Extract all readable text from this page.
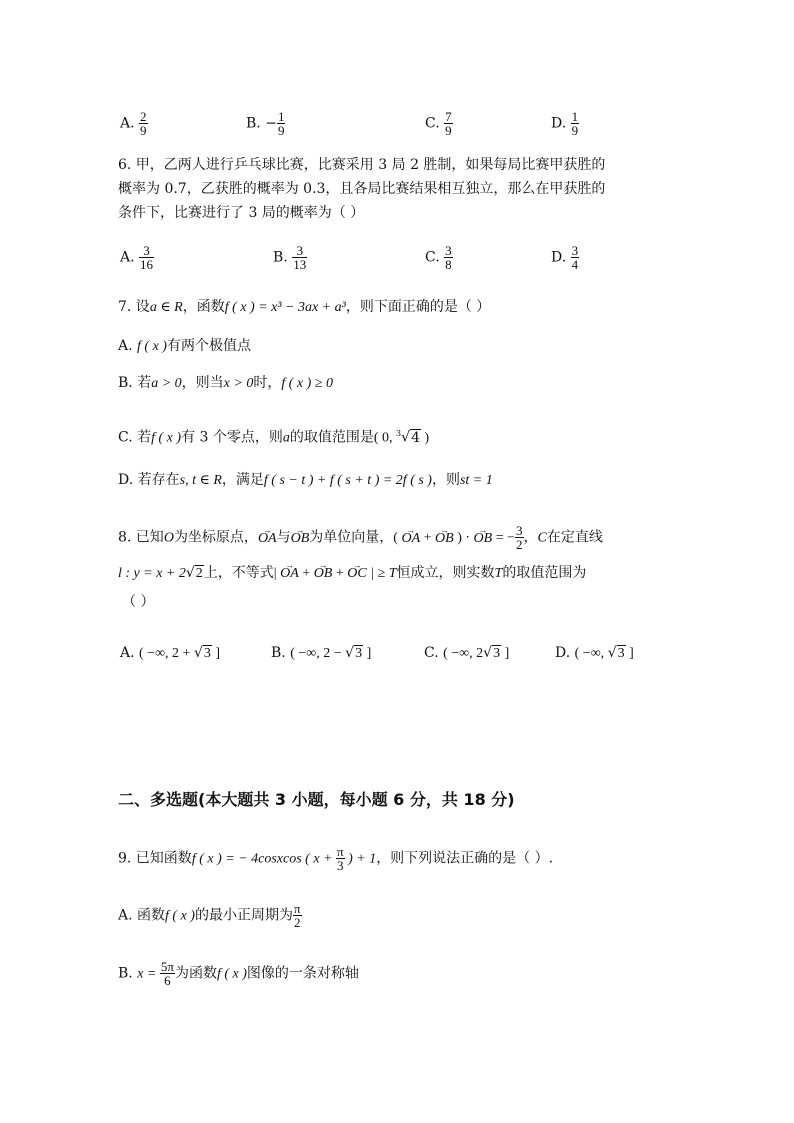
A. $\frac{2}{9}$	B. − $\frac{1}{9}$	C. $\frac{7}{9}$	D. $\frac{1}{9}$
6. 甲，乙两人进行乒乓球比赛，比赛采用 3 局 2 胜制，如果每局比赛甲获胜的
概率为 0.7，乙获胜的概率为 0.3，且各局比赛结果相互独立，那么在甲获胜的
条件下，比赛进行了 3 局的概率为（ ）
A. $\frac{3}{16}$	B. $\frac{3}{13}$	C. $\frac{3}{8}$	D. $\frac{3}{4}$
7. 设a ∈ R，函数f ( x ) = x³ − 3ax + a³，则下面正确的是（ ）
A. f ( x )有两个极值点
B. 若a > 0，则当x > 0时，f ( x ) ≥ 0
C. 若f ( x )有 3 个零点，则a的取值范围是( 0, $^3$√4 )
D. 若存在s, t ∈ R，满足f ( s − t ) + f ( s + t ) = 2f ( s )，则st = 1
8. 已知O为坐标原点，→ OA与→ OB为单位向量，( → OA + → OB ) · → OB = − $\frac{3}{2}$ ，C在定直线
l : y = x + 2√2上，不等式| → OA + → OB + → OC | ≥ T恒成立，则实数T的取值范围为
（ ）
A. ( −∞, 2 + √3 ]	B. ( −∞, 2 − √3 ]	C. ( −∞, 2√3 ]	D. ( −∞, √3 ]
二、多选题(本大题共 3 小题，每小题 6 分，共 18 分)
9. 已知函数f ( x ) = − 4cosxcos ( $x + \frac{\pi}{3}$ ) + 1，则下列说法正确的是（ ）.
A. 函数f ( x )的最小正周期为 $\frac{\pi}{2}$
B. $x = \frac{5\pi}{6}$ 为函数f ( x )图像的一条对称轴
